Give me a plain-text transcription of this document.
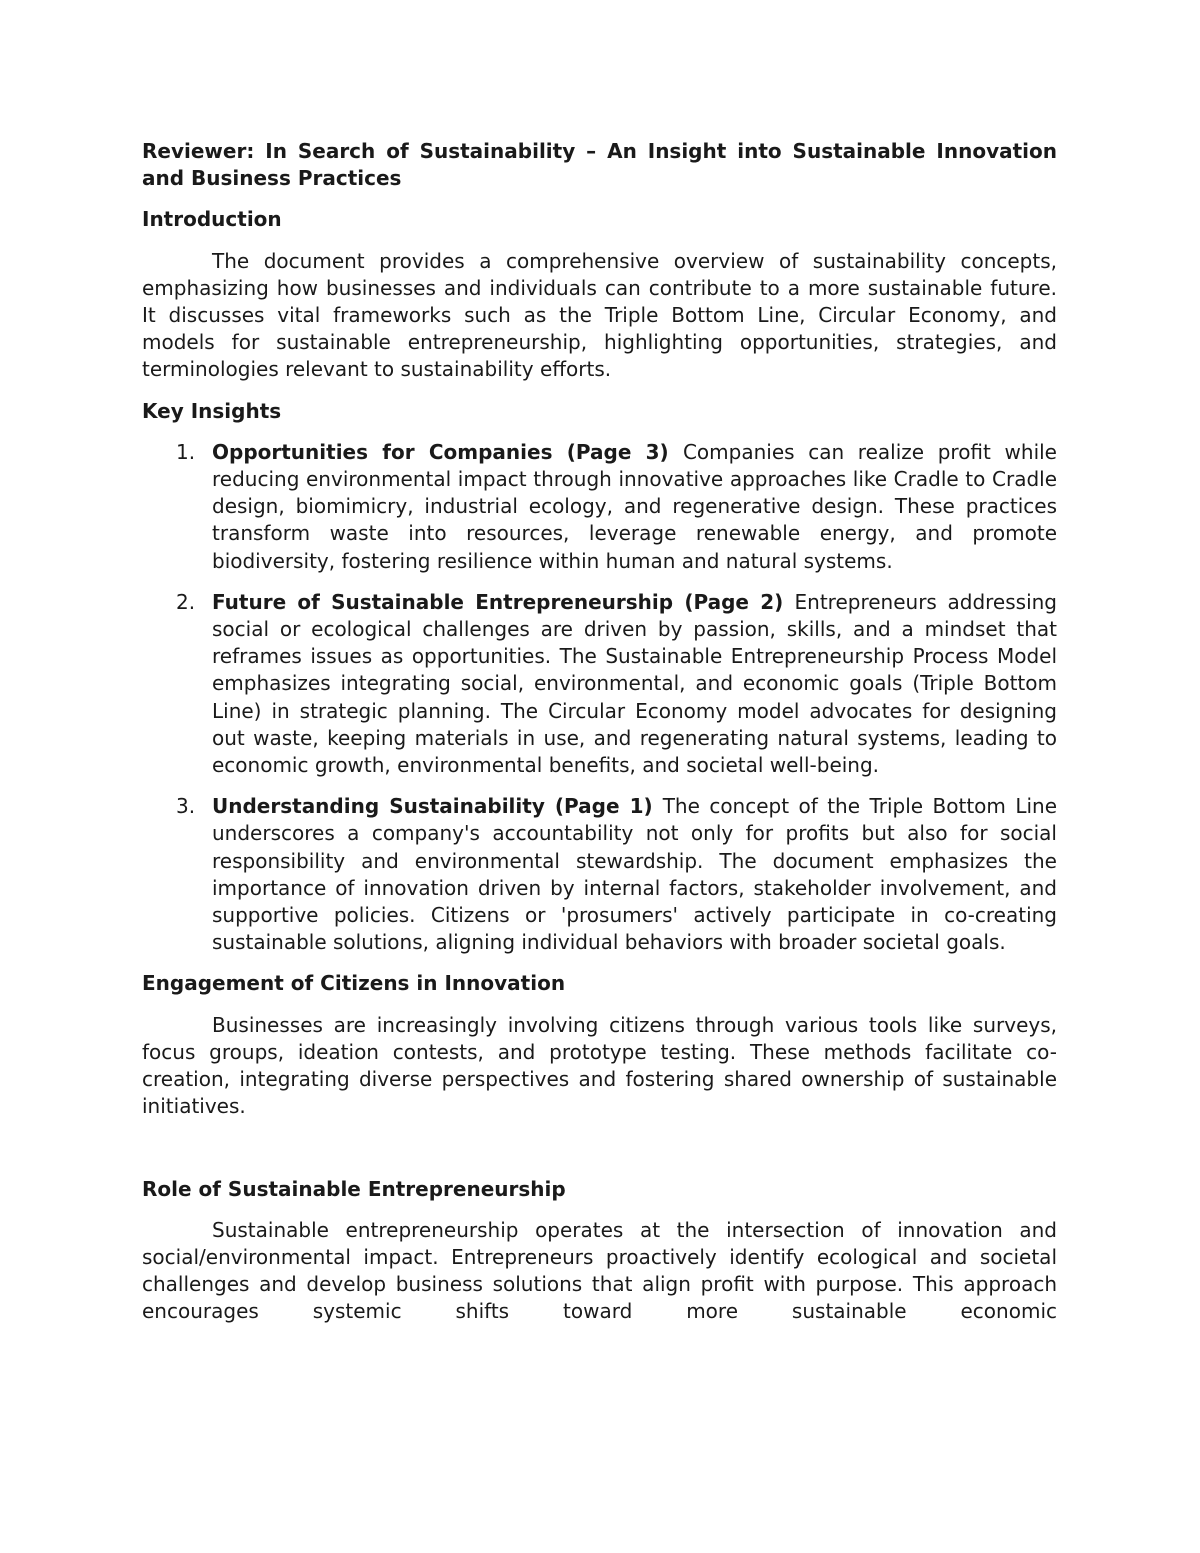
Reviewer: In Search of Sustainability – An Insight into Sustainable Innovation and Business Practices
Introduction

The document provides a comprehensive overview of sustainability concepts, emphasizing how businesses and individuals can contribute to a more sustainable future. It discusses vital frameworks such as the Triple Bottom Line, Circular Economy, and models for sustainable entrepreneurship, highlighting opportunities, strategies, and terminologies relevant to sustainability efforts.

Key Insights
1. Opportunities for Companies (Page 3) Companies can realize profit while reducing environmental impact through innovative approaches like Cradle to Cradle design, biomimicry, industrial ecology, and regenerative design. These practices transform waste into resources, leverage renewable energy, and promote biodiversity, fostering resilience within human and natural systems.
2. Future of Sustainable Entrepreneurship (Page 2) Entrepreneurs addressing social or ecological challenges are driven by passion, skills, and a mindset that reframes issues as opportunities. The Sustainable Entrepreneurship Process Model emphasizes integrating social, environmental, and economic goals (Triple Bottom Line) in strategic planning. The Circular Economy model advocates for designing out waste, keeping materials in use, and regenerating natural systems, leading to economic growth, environmental benefits, and societal well-being.
3. Understanding Sustainability (Page 1) The concept of the Triple Bottom Line underscores a company's accountability not only for profits but also for social responsibility and environmental stewardship. The document emphasizes the importance of innovation driven by internal factors, stakeholder involvement, and supportive policies. Citizens or 'prosumers' actively participate in co-creating sustainable solutions, aligning individual behaviors with broader societal goals.
Engagement of Citizens in Innovation

Businesses are increasingly involving citizens through various tools like surveys, focus groups, ideation contests, and prototype testing. These methods facilitate co-creation, integrating diverse perspectives and fostering shared ownership of sustainable initiatives.

Role of Sustainable Entrepreneurship

Sustainable entrepreneurship operates at the intersection of innovation and social/environmental impact. Entrepreneurs proactively identify ecological and societal challenges and develop business solutions that align profit with purpose. This approach encourages systemic shifts toward more sustainable economic
